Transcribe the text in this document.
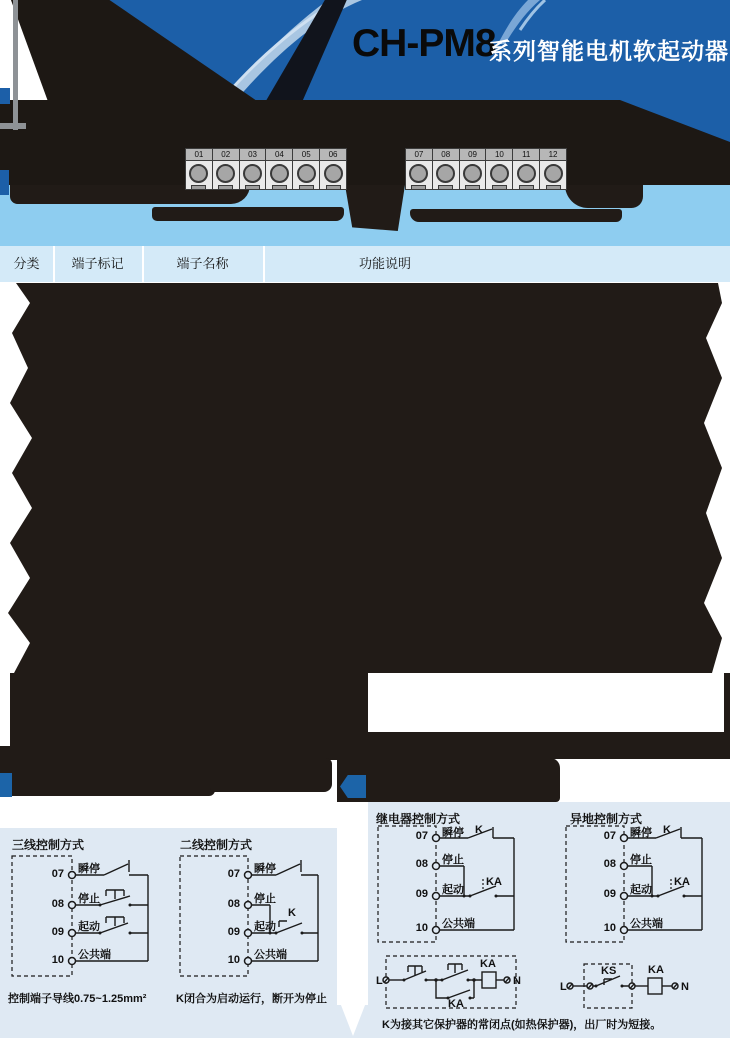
CH-PM8
系列智能电机软起动器
01	02	03	04	05	06	07	08	09	10	11	12
分类	端子标记	端子名称	功能说明
三线控制方式
07 瞬停
08 停止
09 起动
10 公共端
控制端子导线0.75~1.25mm²
二线控制方式
K
07 瞬停
08 停止
09 起动
10 公共端
K闭合为启动运行，断开为停止
继电器控制方式
K
KA
07 瞬停
08 停止
09 起动
10 公共端
异地控制方式
K
KA
07 瞬停
08 停止
09 起动
10 公共端
L	N
KA
KA
L	N
KS	KA
K为接其它保护器的常闭点(如热保护器)，出厂时为短接。
